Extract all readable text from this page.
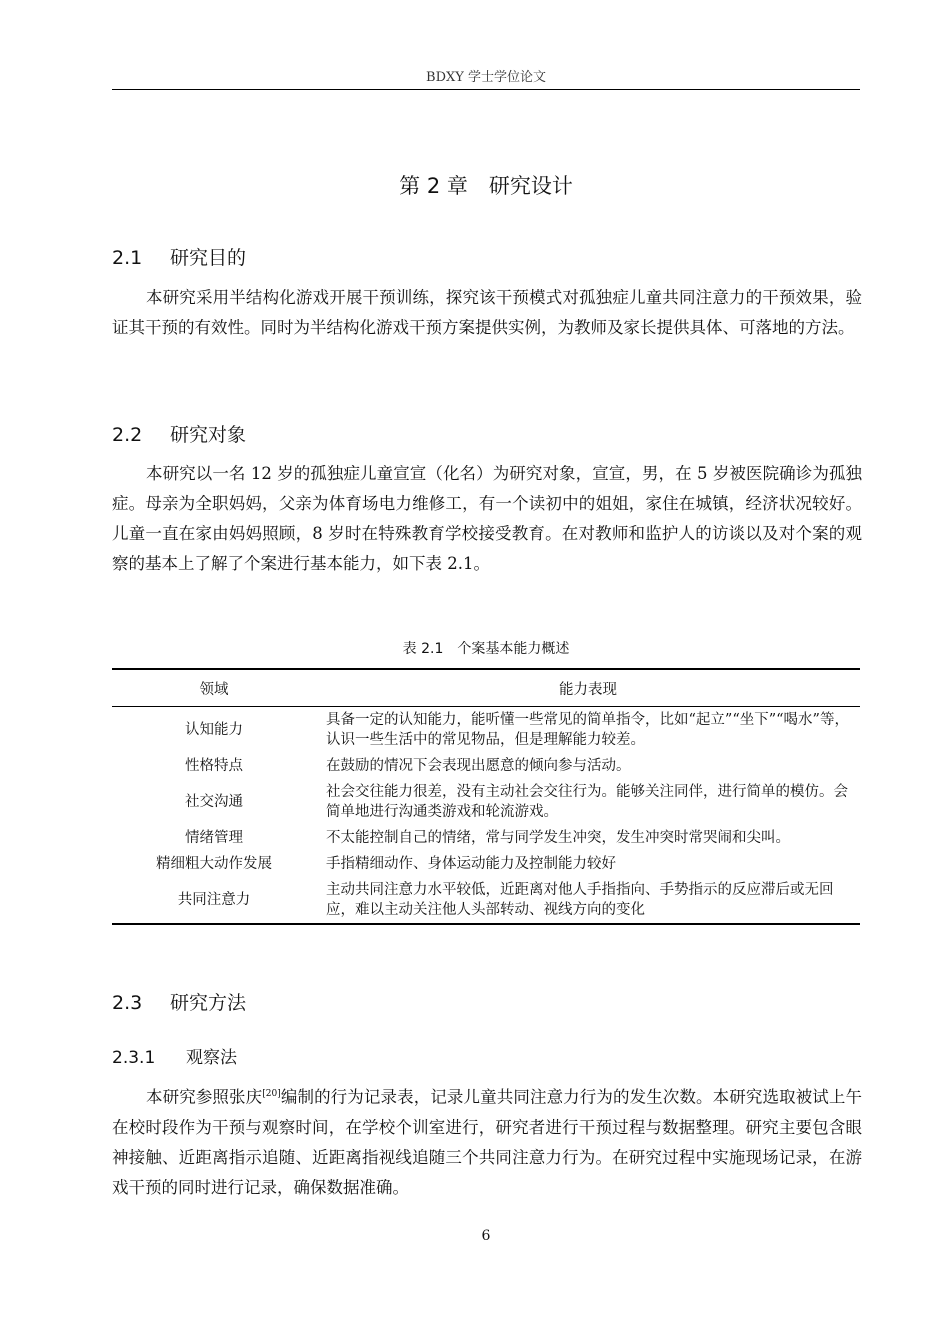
BDXY 学士学位论文
第 2 章　研究设计
2.1 研究目的
本研究采用半结构化游戏开展干预训练，探究该干预模式对孤独症儿童共同注意力的干预效果，验证其干预的有效性。同时为半结构化游戏干预方案提供实例，为教师及家长提供具体、可落地的方法。
2.2 研究对象
本研究以一名 12 岁的孤独症儿童宣宣（化名）为研究对象，宣宣，男，在 5 岁被医院确诊为孤独症。母亲为全职妈妈，父亲为体育场电力维修工，有一个读初中的姐姐，家住在城镇，经济状况较好。儿童一直在家由妈妈照顾，8 岁时在特殊教育学校接受教育。在对教师和监护人的访谈以及对个案的观察的基本上了解了个案进行基本能力，如下表 2.1。
表 2.1　个案基本能力概述
领域	能力表现
认知能力	具备一定的认知能力，能听懂一些常见的简单指令，比如“起立”“坐下”“喝水”等，认识一些生活中的常见物品，但是理解能力较差。
性格特点	在鼓励的情况下会表现出愿意的倾向参与活动。
社交沟通	社会交往能力很差，没有主动社会交往行为。能够关注同伴，进行简单的模仿。会简单地进行沟通类游戏和轮流游戏。
情绪管理	不太能控制自己的情绪，常与同学发生冲突，发生冲突时常哭闹和尖叫。
精细粗大动作发展	手指精细动作、身体运动能力及控制能力较好
共同注意力	主动共同注意力水平较低，近距离对他人手指指向、手势指示的反应滞后或无回应，难以主动关注他人头部转动、视线方向的变化
2.3 研究方法
2.3.1 观察法
本研究参照张庆[20]编制的行为记录表，记录儿童共同注意力行为的发生次数。本研究选取被试上午在校时段作为干预与观察时间，在学校个训室进行，研究者进行干预过程与数据整理。研究主要包含眼神接触、近距离指示追随、近距离指视线追随三个共同注意力行为。在研究过程中实施现场记录，在游戏干预的同时进行记录，确保数据准确。
6
